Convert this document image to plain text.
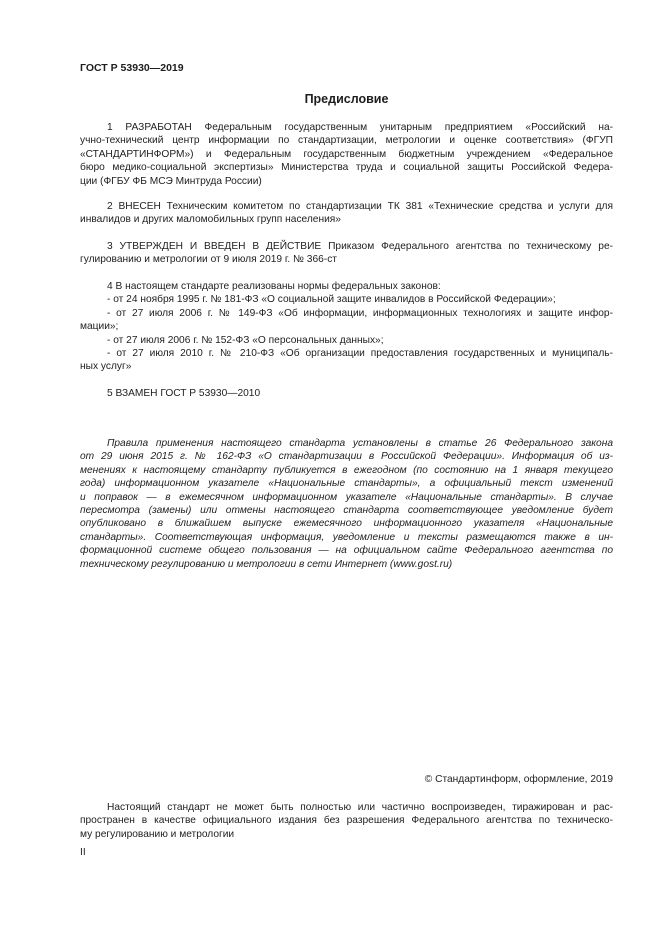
ГОСТ Р 53930—2019
Предисловие
1 РАЗРАБОТАН Федеральным государственным унитарным предприятием «Российский на-
учно-технический центр информации по стандартизации, метрологии и оценке соответствия» (ФГУП
«СТАНДАРТИНФОРМ») и Федеральным государственным бюджетным учреждением «Федеральное
бюро медико-социальной экспертизы» Министерства труда и социальной защиты Российской Федера-
ции (ФГБУ ФБ МСЭ Минтруда России)
2 ВНЕСЕН Техническим комитетом по стандартизации ТК 381 «Технические средства и услуги для
инвалидов и других маломобильных групп населения»
3 УТВЕРЖДЕН И ВВЕДЕН В ДЕЙСТВИЕ Приказом Федерального агентства по техническому ре-
гулированию и метрологии от 9 июля 2019 г. № 366-ст
4 В настоящем стандарте реализованы нормы федеральных законов:
- от 24 ноября 1995 г. № 181-ФЗ «О социальной защите инвалидов в Российской Федерации»;
- от 27 июля 2006 г. № 149-ФЗ «Об информации, информационных технологиях и защите инфор-
мации»;
- от 27 июля 2006 г. № 152-ФЗ «О персональных данных»;
- от 27 июля 2010 г. № 210-ФЗ «Об организации предоставления государственных и муниципаль-
ных услуг»
5 ВЗАМЕН ГОСТ Р 53930—2010
Правила применения настоящего стандарта установлены в статье 26 Федерального закона
от 29 июня 2015 г. № 162-ФЗ «О стандартизации в Российской Федерации». Информация об из-
менениях к настоящему стандарту публикуется в ежегодном (по состоянию на 1 января текущего
года) информационном указателе «Национальные стандарты», а официальный текст изменений
и поправок — в ежемесячном информационном указателе «Национальные стандарты». В случае
пересмотра (замены) или отмены настоящего стандарта соответствующее уведомление будет
опубликовано в ближайшем выпуске ежемесячного информационного указателя «Национальные
стандарты». Соответствующая информация, уведомление и тексты размещаются также в ин-
формационной системе общего пользования — на официальном сайте Федерального агентства по
техническому регулированию и метрологии в сети Интернет (www.gost.ru)
© Стандартинформ, оформление, 2019
Настоящий стандарт не может быть полностью или частично воспроизведен, тиражирован и рас-
пространен в качестве официального издания без разрешения Федерального агентства по техническо-
му регулированию и метрологии
II
